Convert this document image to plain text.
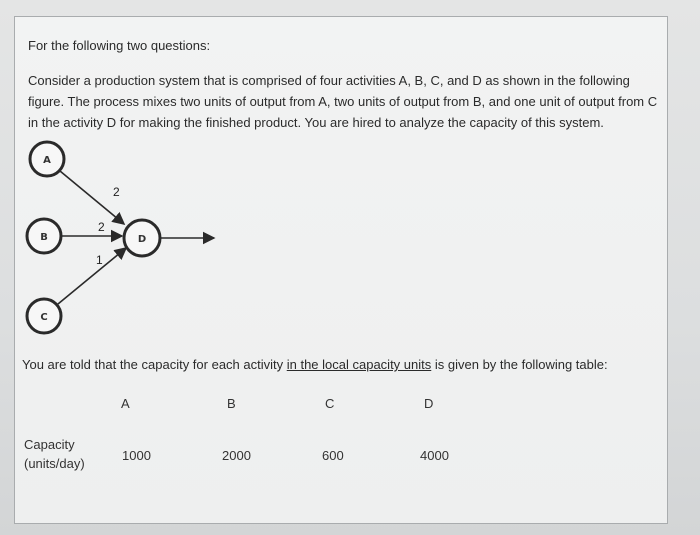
For the following two questions:
Consider a production system that is comprised of four activities A, B, C, and D as shown in the following figure. The process mixes two units of output from A, two units of output from B, and one unit of output from C in the activity D for making the finished product. You are hired to analyze the capacity of this system.
A
B
C
D
2
2
1
You are told that the capacity for each activity in the local capacity units is given by the following table:
A	B	C	D
Capacity
(units/day)
1000	2000	600	4000
